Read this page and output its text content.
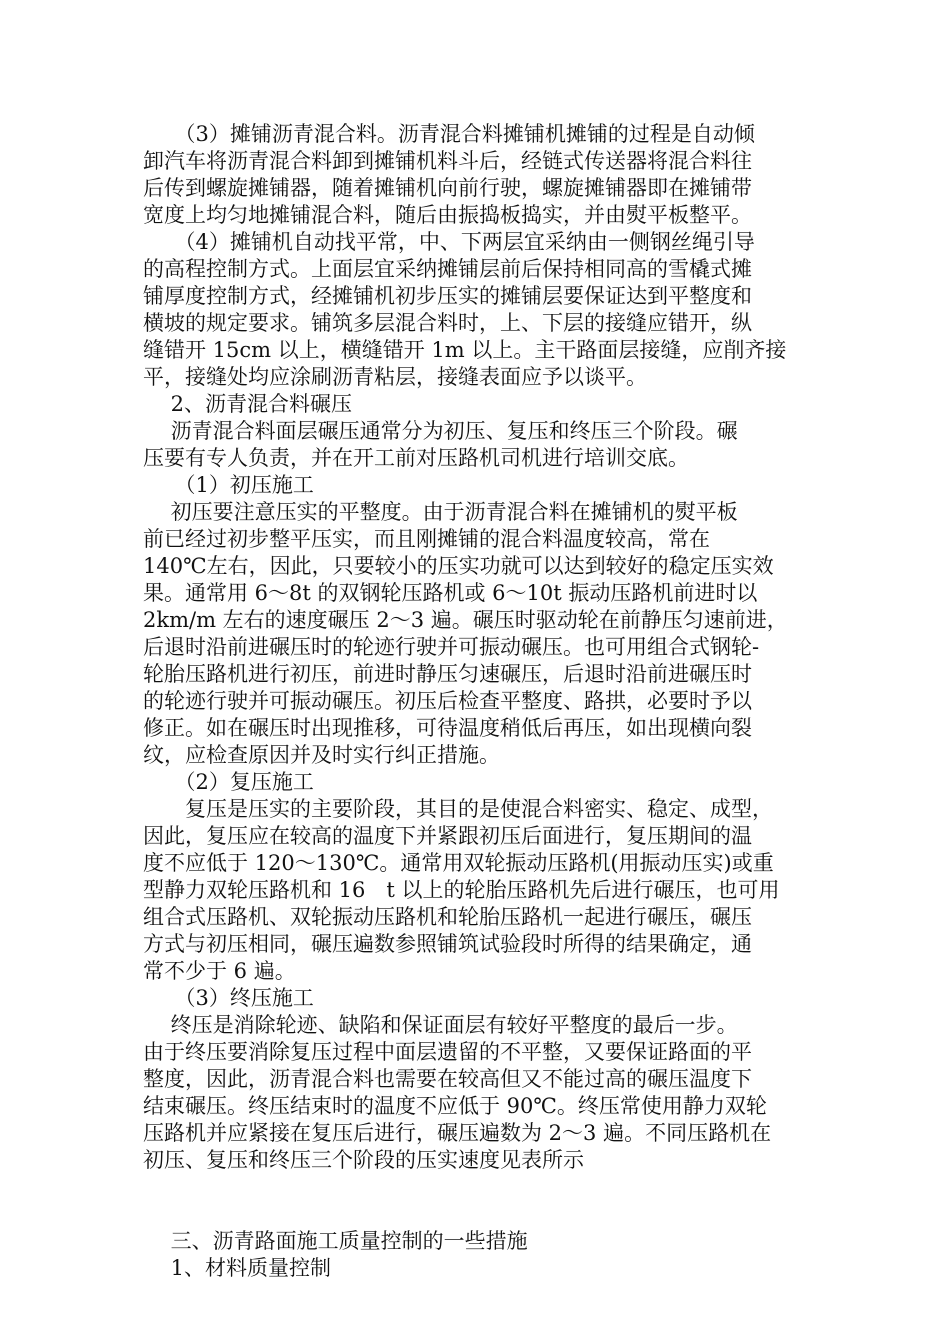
　　（3）摊铺沥青混合料。沥青混合料摊铺机摊铺的过程是自动倾
卸汽车将沥青混合料卸到摊铺机料斗后，经链式传送器将混合料往
后传到螺旋摊铺器，随着摊铺机向前行驶，螺旋摊铺器即在摊铺带
宽度上均匀地摊铺混合料，随后由振捣板捣实，并由熨平板整平。
　　（4）摊铺机自动找平常，中、下两层宜采纳由一侧钢丝绳引导
的高程控制方式。上面层宜采纳摊铺层前后保持相同高的雪橇式摊
铺厚度控制方式，经摊铺机初步压实的摊铺层要保证达到平整度和
横坡的规定要求。铺筑多层混合料时，上、下层的接缝应错开，纵
缝错开 15cm 以上，横缝错开 1m 以上。主干路面层接缝，应削齐接
平，接缝处均应涂刷沥青粘层，接缝表面应予以谈平。
　 2、沥青混合料碾压
　 沥青混合料面层碾压通常分为初压、复压和终压三个阶段。碾
压要有专人负责，并在开工前对压路机司机进行培训交底。
　　（1）初压施工
　 初压要注意压实的平整度。由于沥青混合料在摊铺机的熨平板
前已经过初步整平压实，而且刚摊铺的混合料温度较高，常在
140℃左右，因此，只要较小的压实功就可以达到较好的稳定压实效
果。通常用 6～8t 的双钢轮压路机或 6～10t 振动压路机前进时以
2km/m 左右的速度碾压 2～3 遍。碾压时驱动轮在前静压匀速前进，
后退时沿前进碾压时的轮迹行驶并可振动碾压。也可用组合式钢轮-
轮胎压路机进行初压，前进时静压匀速碾压，后退时沿前进碾压时
的轮迹行驶并可振动碾压。初压后检查平整度、路拱，必要时予以
修正。如在碾压时出现推移，可待温度稍低后再压，如出现横向裂
纹，应检查原因并及时实行纠正措施。
　　（2）复压施工
　　复压是压实的主要阶段，其目的是使混合料密实、稳定、成型，
因此，复压应在较高的温度下并紧跟初压后面进行，复压期间的温
度不应低于 120～130℃。通常用双轮振动压路机(用振动压实)或重
型静力双轮压路机和 16　t 以上的轮胎压路机先后进行碾压，也可用
组合式压路机、双轮振动压路机和轮胎压路机一起进行碾压，碾压
方式与初压相同，碾压遍数参照铺筑试验段时所得的结果确定，通
常不少于 6 遍。
　　（3）终压施工
　 终压是消除轮迹、缺陷和保证面层有较好平整度的最后一步。
由于终压要消除复压过程中面层遗留的不平整，又要保证路面的平
整度，因此，沥青混合料也需要在较高但又不能过高的碾压温度下
结束碾压。终压结束时的温度不应低于 90℃。终压常使用静力双轮
压路机并应紧接在复压后进行，碾压遍数为 2～3 遍。不同压路机在
初压、复压和终压三个阶段的压实速度见表所示
　 三、沥青路面施工质量控制的一些措施
　 1、材料质量控制
